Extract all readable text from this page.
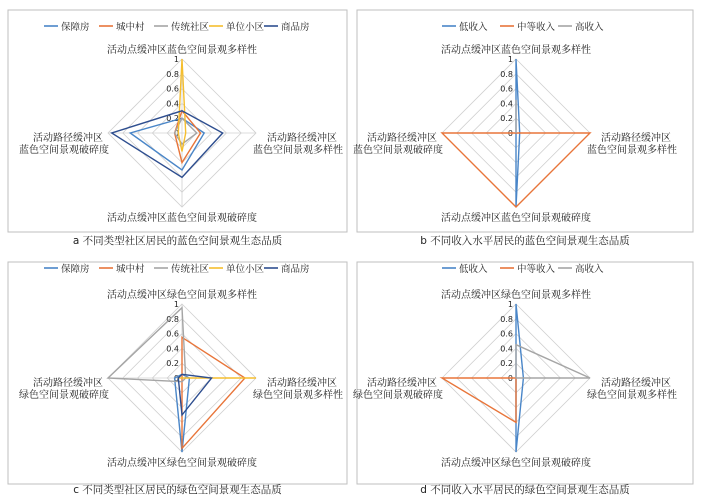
保障房	城中村	传统社区 单位小区 商品房
0
0.2
0.4
0.6
0.8
1
活动点缓冲区蓝色空间景观多样性
活动点缓冲区蓝色空间景观破碎度
活动路径缓冲区
蓝色空间景观多样性
活动路径缓冲区
蓝色空间景观破碎度
a 不同类型社区居民的蓝色空间景观生态品质
低收入	中等收入 高收入
0
0.2
0.4
0.6
0.8
1
活动点缓冲区蓝色空间景观多样性
活动点缓冲区蓝色空间景观破碎度
活动路径缓冲区
蓝色空间景观多样性
活动路径缓冲区
蓝色空间景观破碎度
b 不同收入水平居民的蓝色空间景观生态品质
保障房	城中村	传统社区 单位小区 商品房
0
0.2
0.4
0.6
0.8
1
活动点缓冲区绿色空间景观多样性
活动点缓冲区绿色空间景观破碎度
活动路径缓冲区
绿色空间景观多样性
活动路径缓冲区
绿色空间景观破碎度
c 不同类型社区居民的绿色空间景观生态品质
低收入	中等收入 高收入
0
0.2
0.4
0.6
0.8
1
活动点缓冲区绿色空间景观多样性
活动点缓冲区绿色空间景观破碎度
活动路径缓冲区
绿色空间景观多样性
活动路径缓冲区
绿色空间景观破碎度
d 不同收入水平居民的绿色空间景观生态品质
